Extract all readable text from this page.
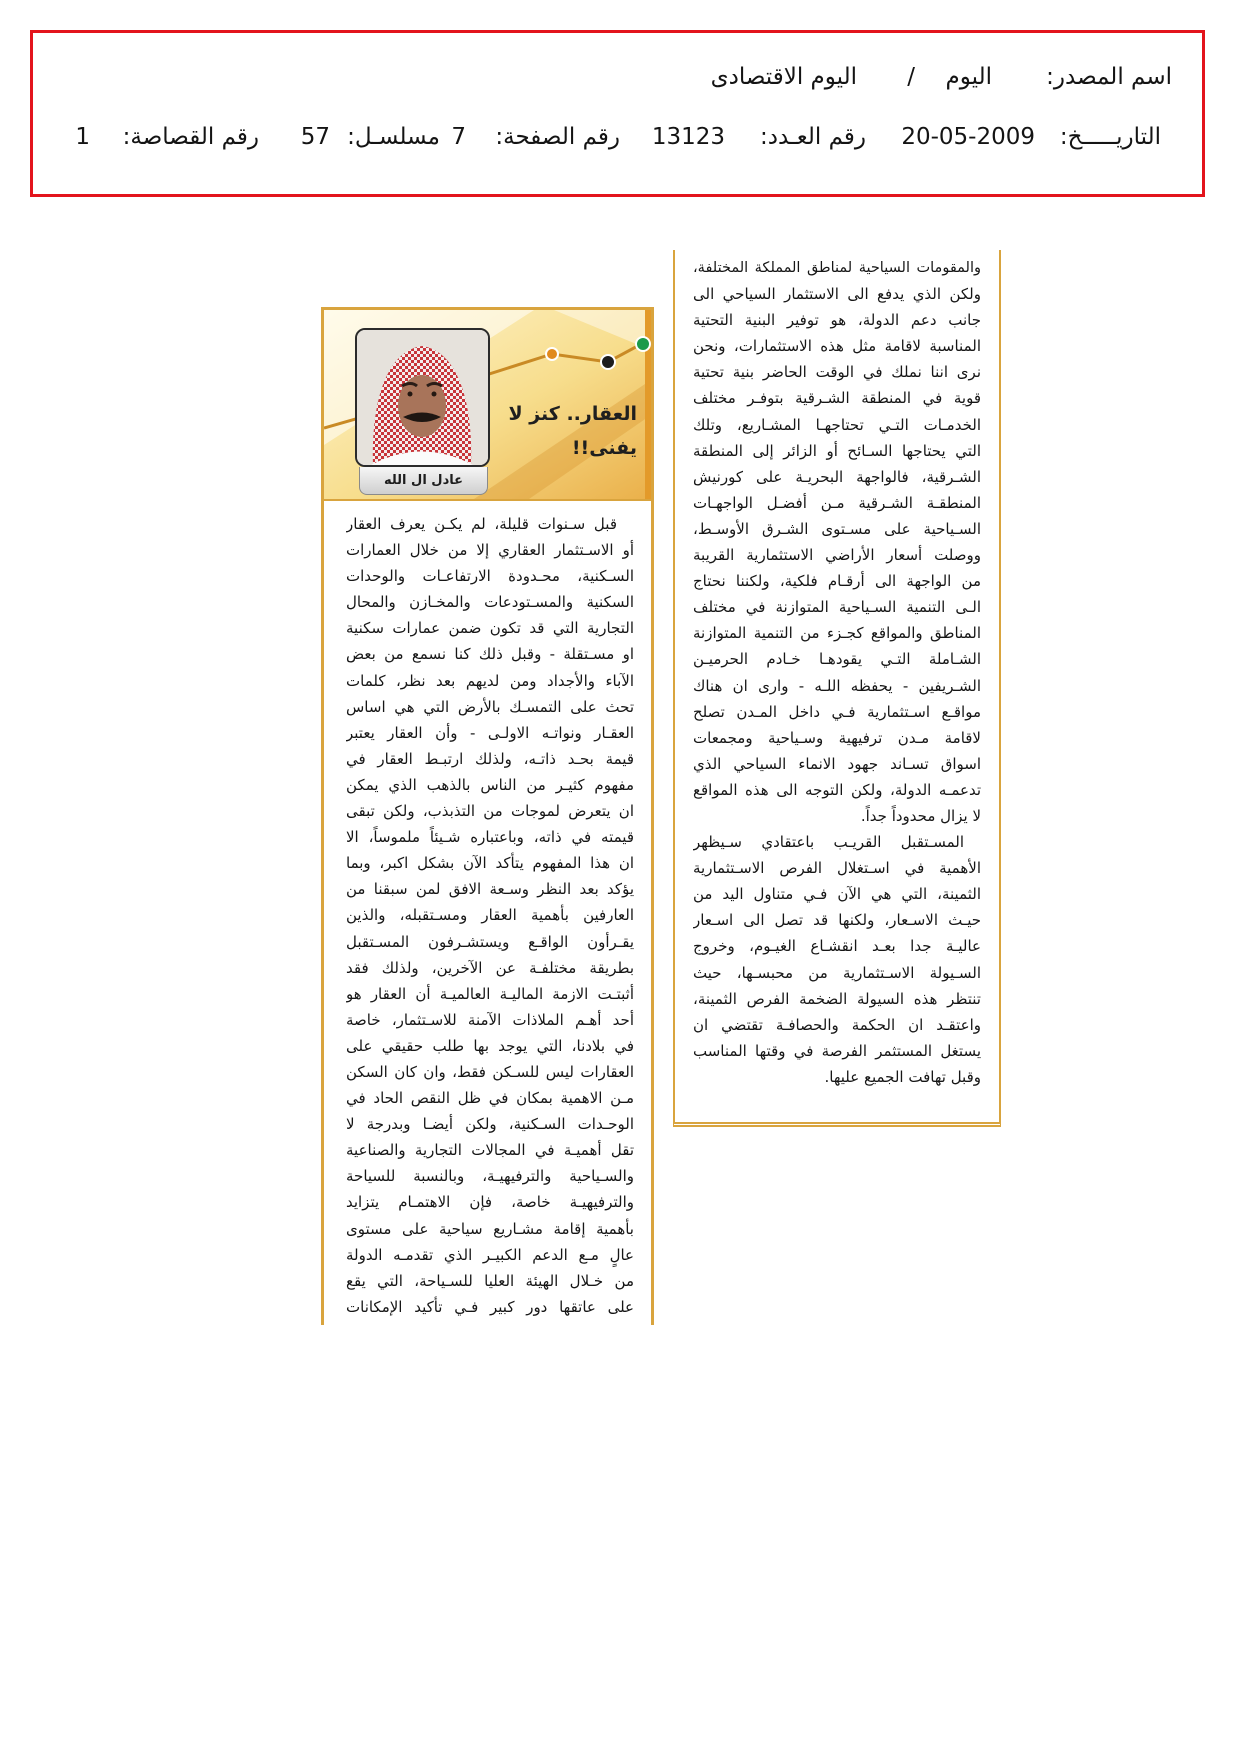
اسم المصدر:
اليوم
/
اليوم الاقتصادى
التاريـــــخ:
20-05-2009
رقم العـدد:
13123
رقم الصفحة:
7
مسلسـل:
57
رقم القصاصة:
1
عادل ال الله
العقار.. كنز لا
يفنى!!
قبل سـنوات قليلة، لم يكـن يعرف العقار
أو الاسـتثمار العقاري إلا من خلال العمارات
السـكنية، محـدودة الارتفاعـات والوحدات
السكنية والمسـتودعات والمخـازن والمحال
التجارية التي قد تكون ضمن عمارات سكنية
او مسـتقلة - وقبل ذلك كنا نسمع من بعض
الآباء والأجداد ومن لديهم بعد نظر، كلمات
تحث على التمسـك بالأرض التي هي اساس
العقـار ونواتـه الاولـى - وأن العقار يعتبر
قيمة بحـد ذاتـه، ولذلك ارتبـط العقار في
مفهوم كثيـر من الناس بالذهب الذي يمكن
ان يتعرض لموجات من التذبذب، ولكن تبقى
قيمته في ذاته، وباعتباره شـيئاً ملموساً، الا
ان هذا المفهوم يتأكد الآن بشكل اكبر، وبما
يؤكد بعد النظر وسـعة الافق لمن سبقنا من
العارفين بأهمية العقار ومسـتقبله، والذين
يقـرأون الواقـع ويستشـرفون المسـتقبل
بطريقة مختلفـة عن الآخرين، ولذلك فقد
أثبتـت الازمة الماليـة العالميـة أن العقار هو
أحد أهـم الملاذات الآمنة للاسـتثمار، خاصة
في بلادنا، التي يوجد بها طلب حقيقي على
العقارات ليس للسـكن فقط، وان كان السكن
مـن الاهمية بمكان في ظل النقص الحاد في
الوحـدات السـكنية، ولكن أيضـا وبدرجة لا
تقل أهميـة في المجالات التجارية والصناعية
والسـياحية والترفيهيـة، وبالنسبة للسياحة
والترفيهيـة خاصة، فإن الاهتمـام يتزايد
بأهمية إقامة مشـاريع سياحية على مستوى
عالٍ مـع الدعم الكبيـر الذي تقدمـه الدولة
من خـلال الهيئة العليا للسـياحة، التي يقع
على عاتقها دور كبير فـي تأكيد الإمكانات
والمقومات السياحية لمناطق المملكة المختلفة،
ولكن الذي يدفع الى الاستثمار السياحي الى
جانب دعم الدولة، هو توفير البنية التحتية
المناسبة لاقامة مثل هذه الاستثمارات، ونحن
نرى اننا نملك في الوقت الحاضر بنية تحتية
قوية في المنطقة الشـرقية بتوفـر مختلف
الخدمـات التـي تحتاجهـا المشـاريع، وتلك
التي يحتاجها السـائح أو الزائر إلى المنطقة
الشـرقية، فالواجهة البحريـة على كورنيش
المنطقـة الشـرقية مـن أفضـل الواجهـات
السـياحية على مسـتوى الشـرق الأوسـط،
ووصلت أسعار الأراضي الاستثمارية القريبة
من الواجهة الى أرقـام فلكية، ولكننا نحتاج
الـى التنمية السـياحية المتوازنة في مختلف
المناطق والمواقع كجـزء من التنمية المتوازنة
الشـاملة التـي يقودهـا خـادم الحرميـن
الشـريفين - يحفظه اللـه - وارى ان هناك
مواقـع اسـتثمارية فـي داخل المـدن تصلح
لاقامة مـدن ترفيهية وسـياحية ومجمعات
اسواق تسـاند جهود الانماء السياحي الذي
تدعمـه الدولة، ولكن التوجه الى هذه المواقع
لا يزال محدوداً جداً.
المسـتقبل القريـب باعتقادي سـيظهر
الأهمية في اسـتغلال الفرص الاسـتثمارية
الثمينة، التي هي الآن فـي متناول اليد من
حيـث الاسـعار، ولكنها قد تصل الى اسـعار
عاليـة جدا بعـد انقشـاع الغيـوم، وخروج
السـيولة الاسـتثمارية من محبسـها، حيث
تنتظر هذه السيولة الضخمة الفرص الثمينة،
واعتقـد ان الحكمة والحصافـة تقتضي ان
يستغل المستثمر الفرصة في وقتها المناسب
وقبل تهافت الجميع عليها.
